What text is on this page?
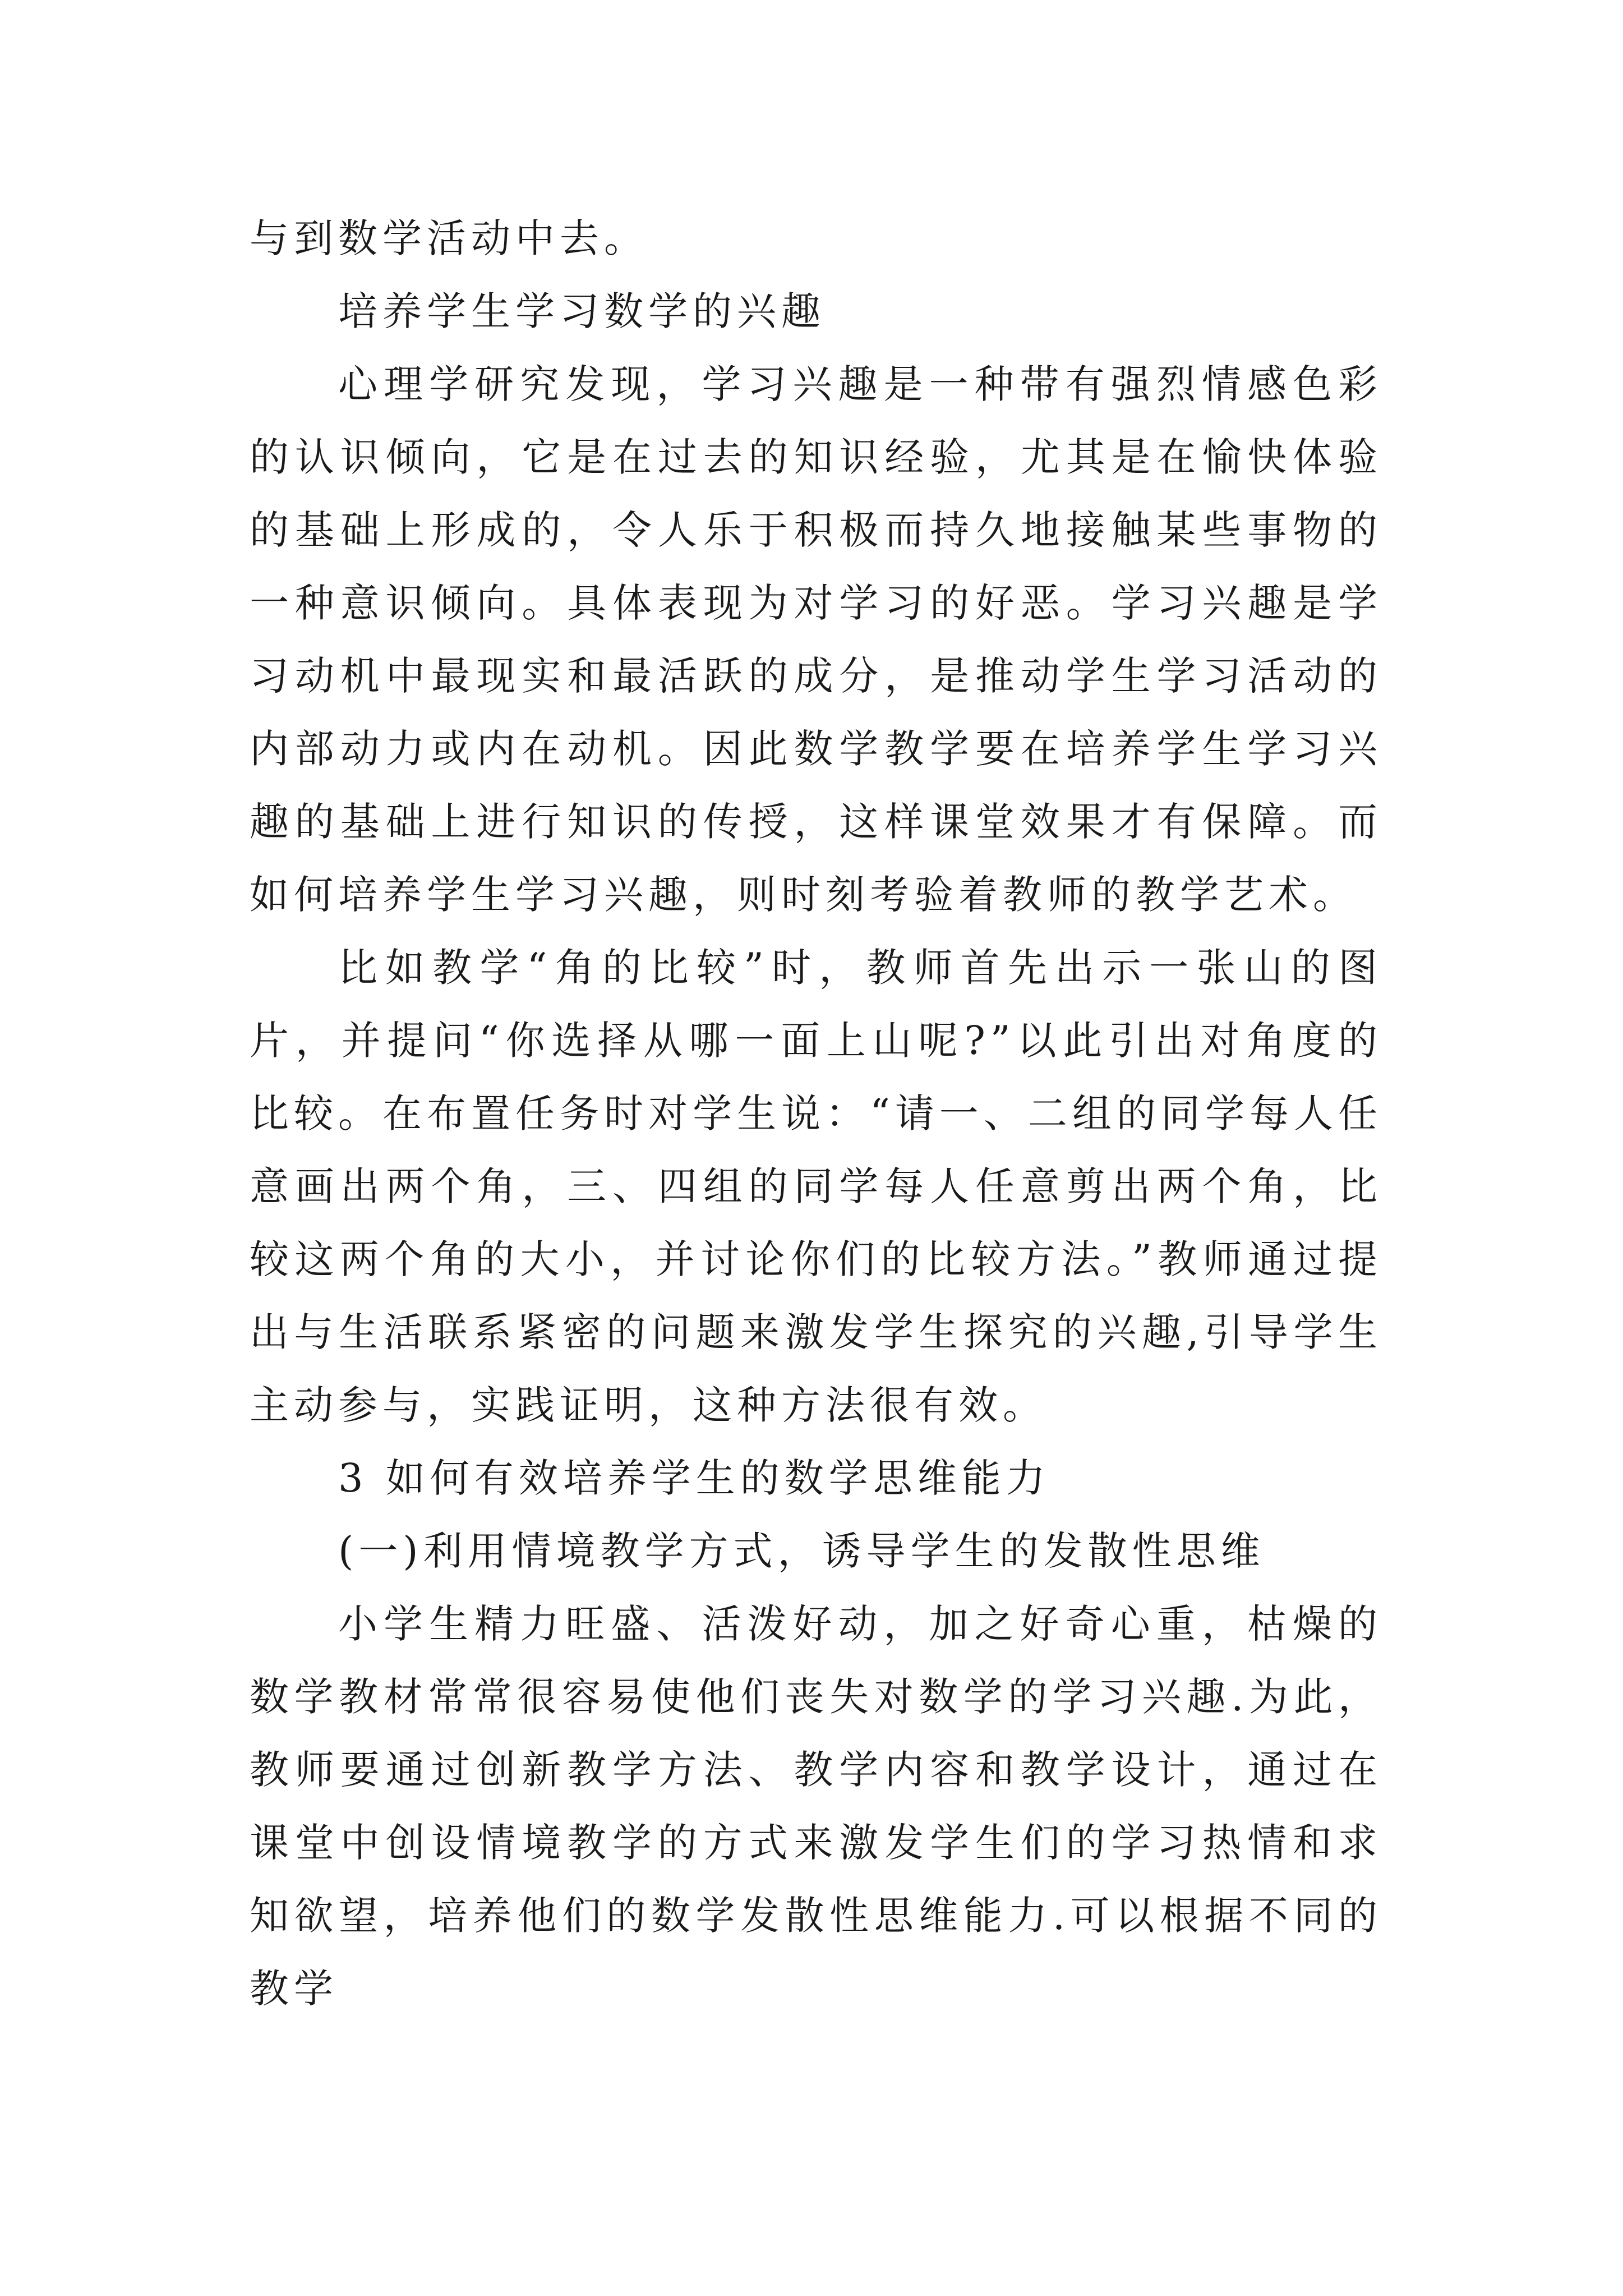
与到数学活动中去。

培养学生学习数学的兴趣

心理学研究发现，学习兴趣是一种带有强烈情感色彩的认识倾向，它是在过去的知识经验，尤其是在愉快体验的基础上形成的，令人乐于积极而持久地接触某些事物的一种意识倾向。具体表现为对学习的好恶。学习兴趣是学习动机中最现实和最活跃的成分，是推动学生学习活动的内部动力或内在动机。因此数学教学要在培养学生学习兴趣的基础上进行知识的传授，这样课堂效果才有保障。而如何培养学生学习兴趣，则时刻考验着教师的教学艺术。

比如教学“角的比较”时，教师首先出示一张山的图片，并提问“你选择从哪一面上山呢?”以此引出对角度的比较。在布置任务时对学生说：“请一、二组的同学每人任意画出两个角，三、四组的同学每人任意剪出两个角，比较这两个角的大小，并讨论你们的比较方法。”教师通过提出与生活联系紧密的问题来激发学生探究的兴趣,引导学生主动参与，实践证明，这种方法很有效。

3 如何有效培养学生的数学思维能力

(一)利用情境教学方式，诱导学生的发散性思维

小学生精力旺盛、活泼好动，加之好奇心重，枯燥的数学教材常常很容易使他们丧失对数学的学习兴趣.为此，教师要通过创新教学方法、教学内容和教学设计，通过在课堂中创设情境教学的方式来激发学生们的学习热情和求知欲望，培养他们的数学发散性思维能力.可以根据不同的教学
